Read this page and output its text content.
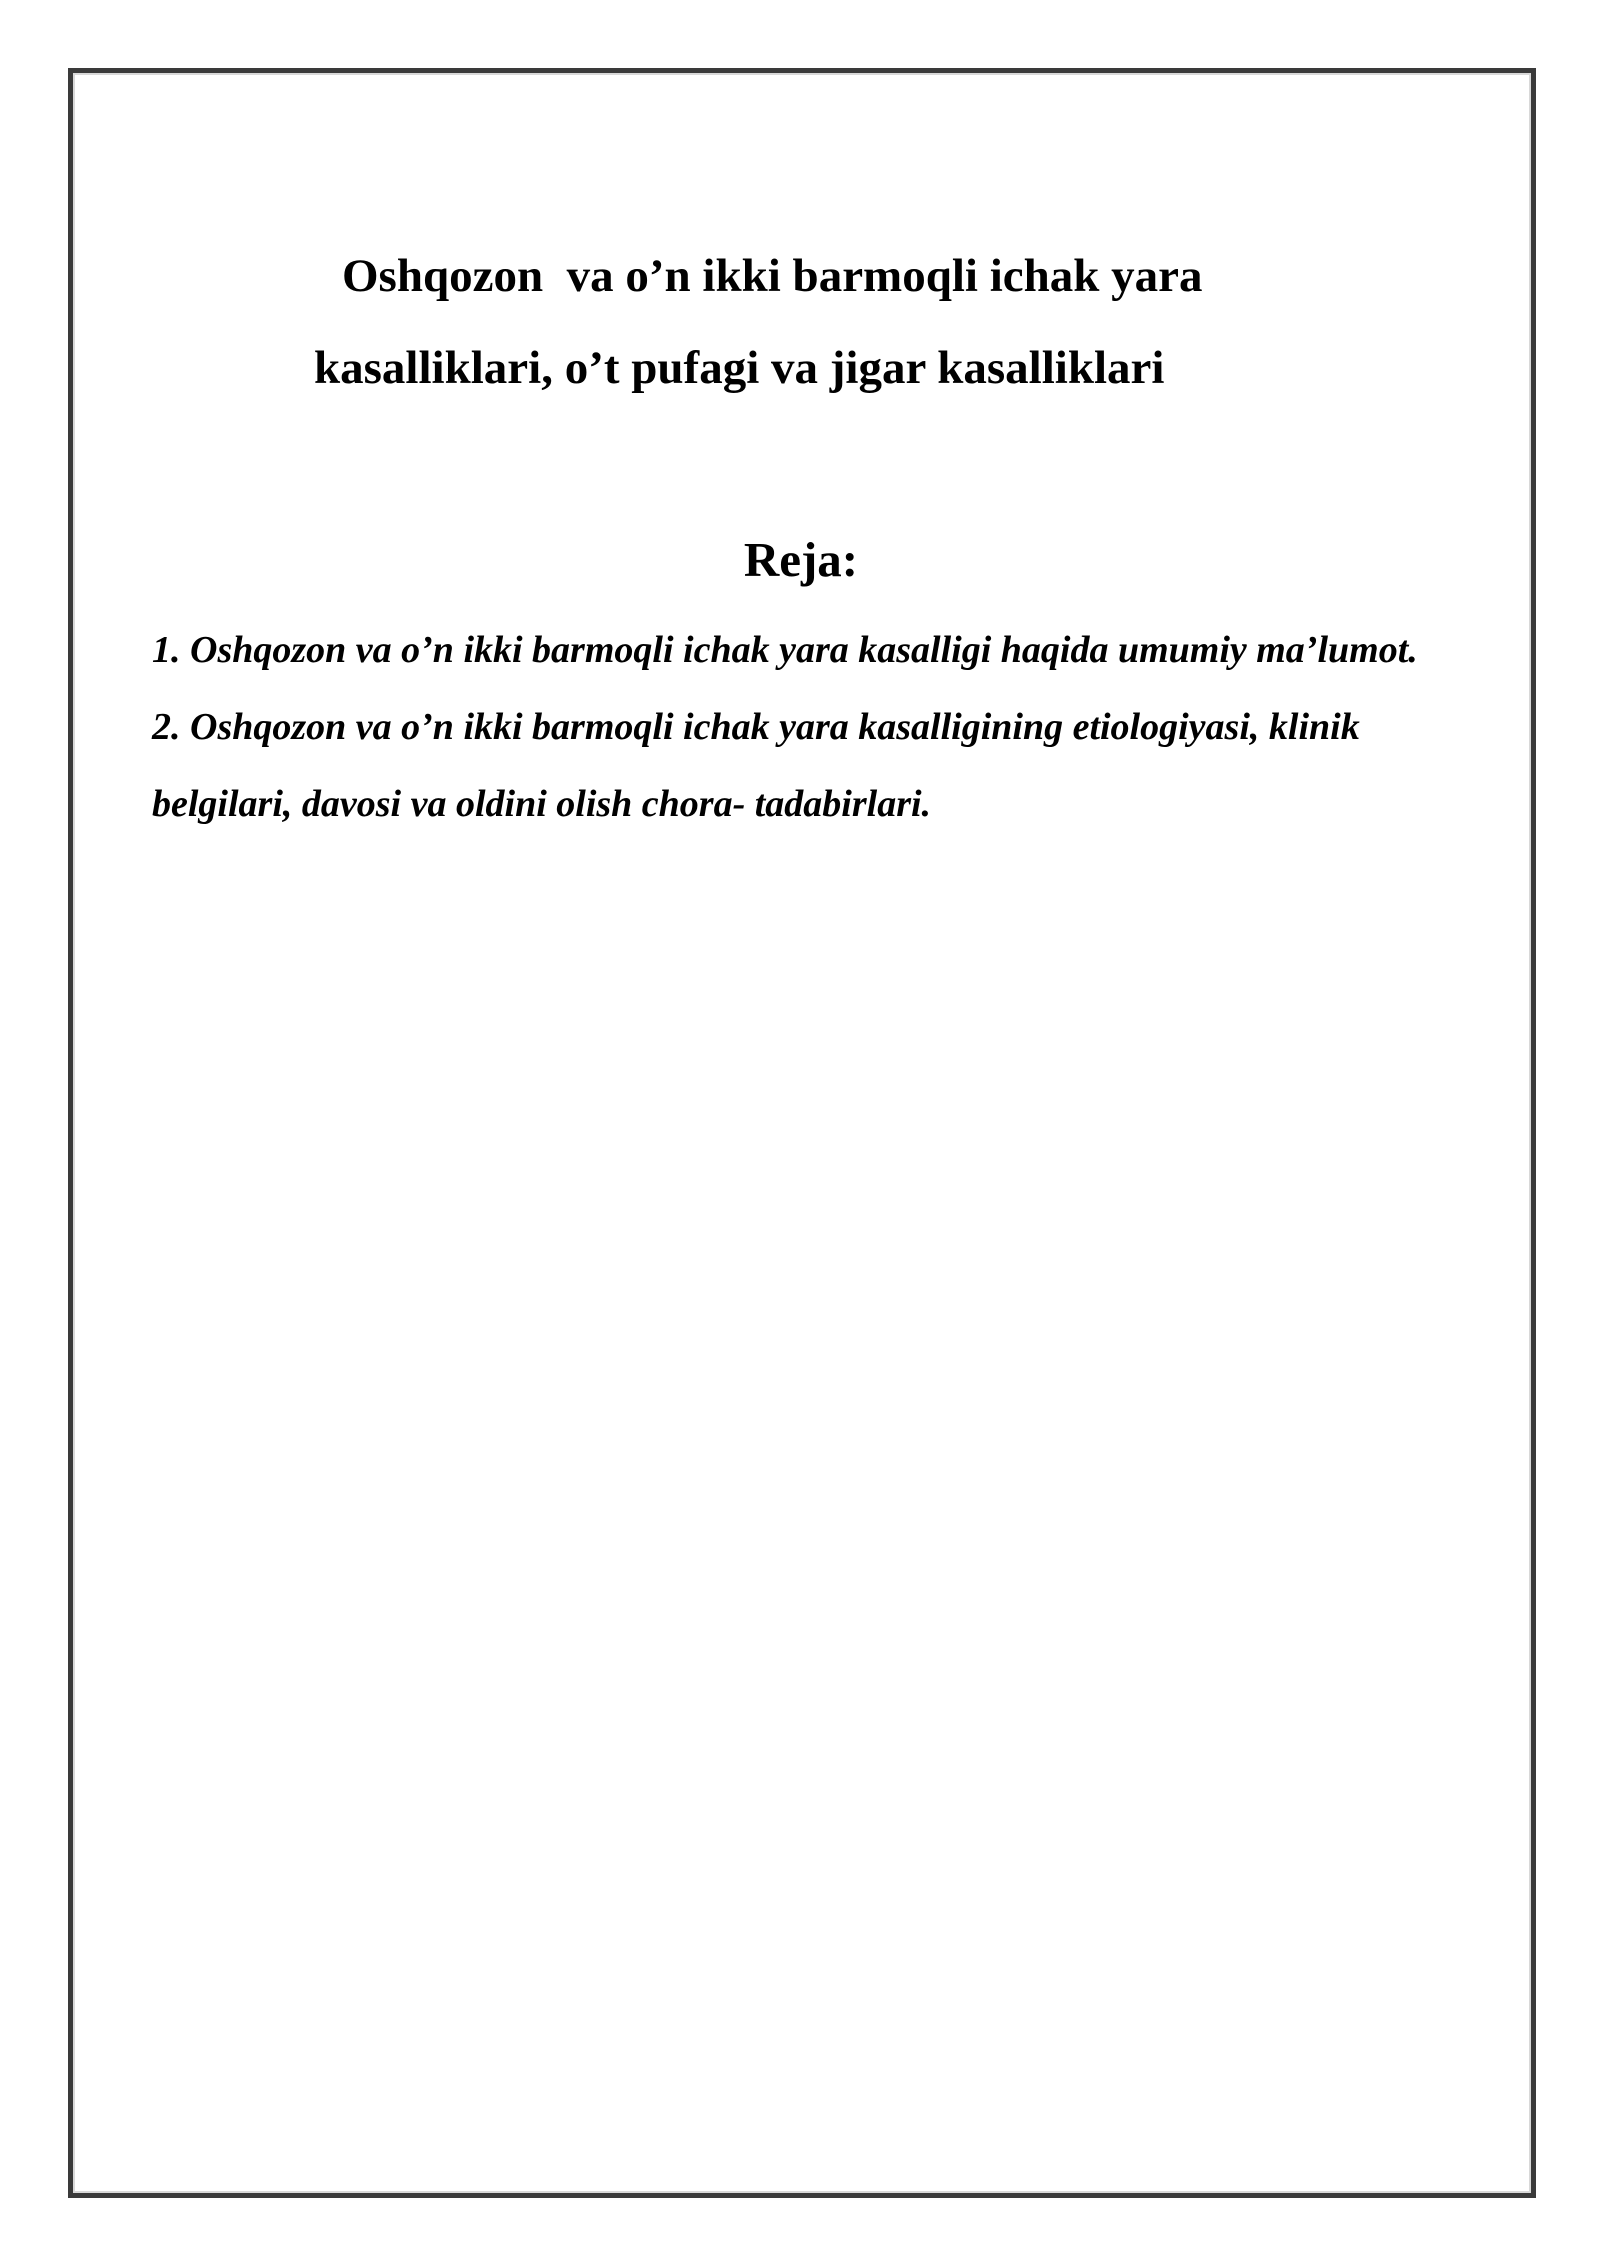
Oshqozon  va o’n ikki barmoqli ichak yara
kasalliklari, o’t pufagi va jigar kasalliklari
Reja:
1. Oshqozon va o’n ikki barmoqli ichak yara kasalligi haqida umumiy ma’lumot.
2. Oshqozon va o’n ikki barmoqli ichak yara kasalligining etiologiyasi, klinik belgilari, davosi va oldini olish chora- tadabirlari.
